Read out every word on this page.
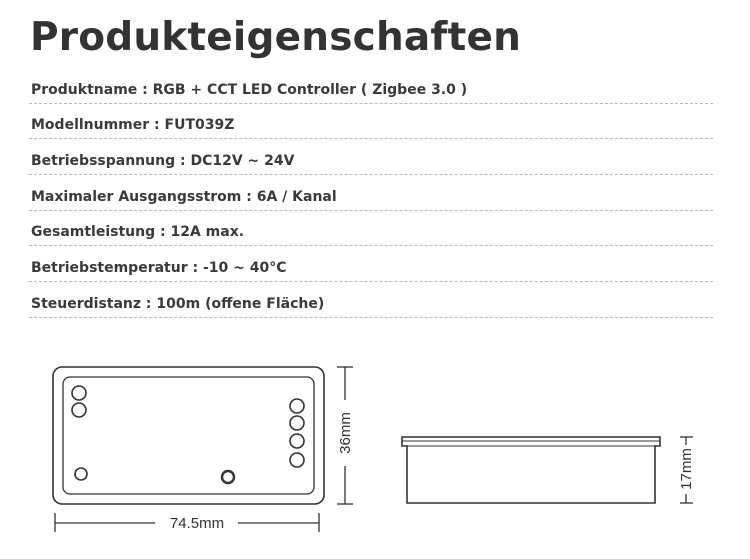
Produkteigenschaften
Produktname : RGB + CCT LED Controller ( Zigbee 3.0 )
Modellnummer : FUT039Z
Betriebsspannung : DC12V ~ 24V
Maximaler Ausgangsstrom : 6A / Kanal
Gesamtleistung : 12A max.
Betriebstemperatur : -10 ~ 40°C
Steuerdistanz : 100m (offene Fläche)
36mm
74.5mm
17mm
